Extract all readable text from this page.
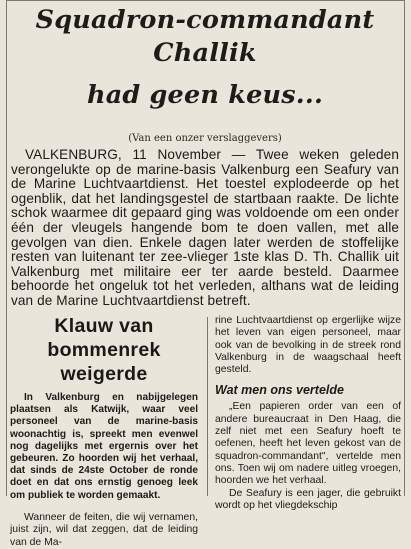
Squadron-commandant Challik
had geen keus...
(Van een onzer verslaggevers)

VALKENBURG, 11 November — Twee weken geleden verongelukte op de marine-basis Valkenburg een Seafury van de Marine Luchtvaartdienst. Het toestel explodeerde op het ogenblik, dat het landingsgestel de startbaan raakte. De lichte schok waarmee dit gepaard ging was voldoende om een onder één der vleugels hangende bom te doen vallen, met alle gevolgen van dien. Enkele dagen later werden de stoffelijke resten van luitenant ter zee-vlieger 1ste klas D. Th. Challik uit Valkenburg met militaire eer ter aarde besteld. Daarmee behoorde het ongeluk tot het verleden, althans wat de leiding van de Marine Luchtvaartdienst betreft.

Klauw van
bommenrek weigerde

In Valkenburg en nabijgelegen plaatsen als Katwijk, waar veel personeel van de marine-basis woonachtig is, spreekt men evenwel nog dagelijks met ergernis over het gebeuren. Zo hoorden wij het verhaal, dat sinds de 24ste October de ronde doet en dat ons ernstig genoeg leek om publiek te worden gemaakt.

Wanneer de feiten, die wij vernamen, juist zijn, wil dat zeggen, dat de leiding van de Ma-

rine Luchtvaartdienst op ergerlijke wijze het leven van eigen personeel, maar ook van de bevolking in de streek rond Valkenburg in de waagschaal heeft gesteld.

Wat men ons vertelde

„Een papieren order van een of andere bureaucraat in Den Haag, die zelf niet met een Seafury hoeft te oefenen, heeft het leven gekost van de squadron-commandant", vertelde men ons. Toen wij om nadere uitleg vroegen, hoorden we het verhaal.

De Seafury is een jager, die gebruikt wordt op het vliegdekschip
